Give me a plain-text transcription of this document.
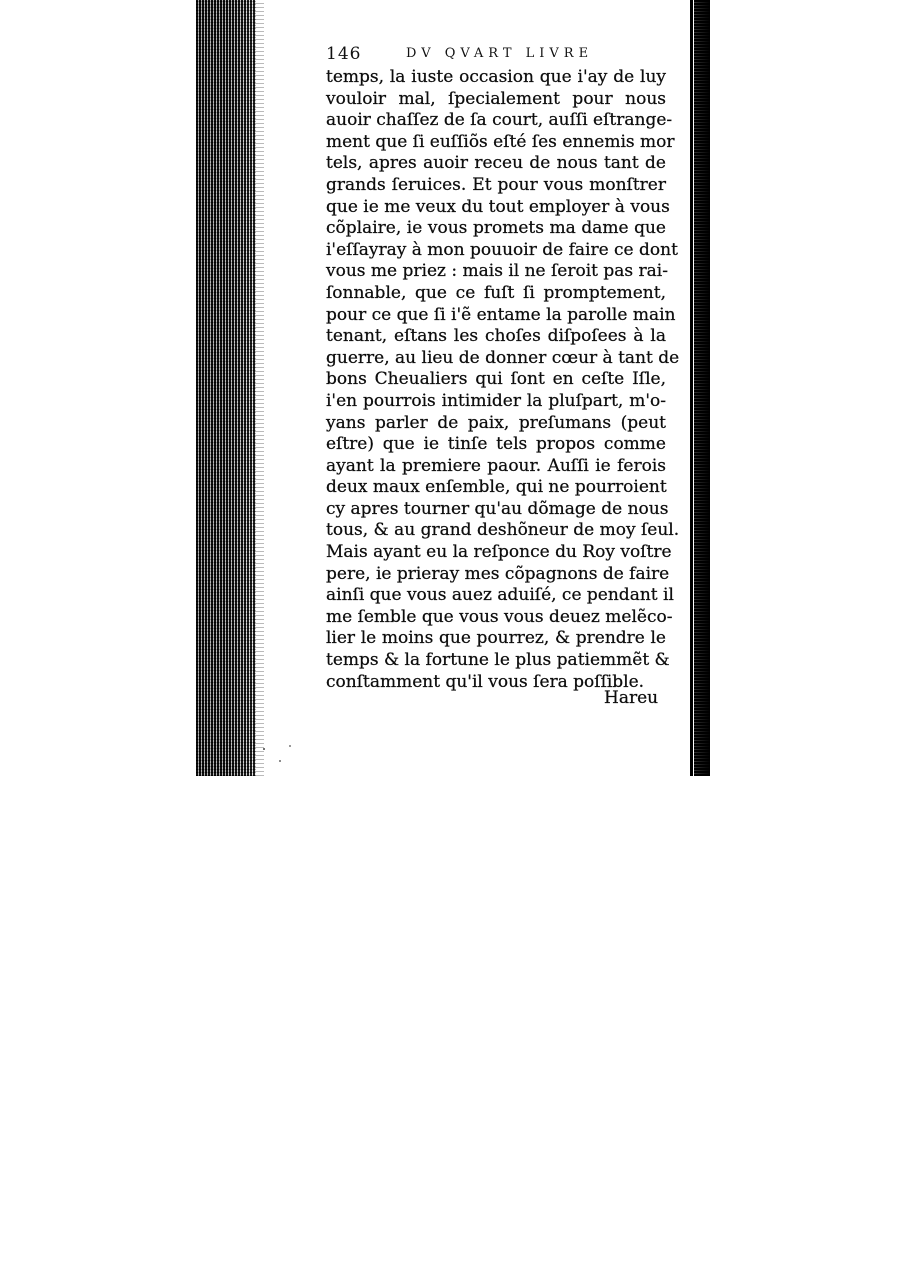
146	DV QVART LIVRE
temps, la iuste occasion que i'ay de luy
vouloir mal, ſpecialement pour nous
auoir chaſſez de ſa court, auſſi eſtrange-
ment que ſi euſſiõs eſté ſes ennemis mor
tels, apres auoir receu de nous tant de
grands ſeruices. Et pour vous monſtrer
que ie me veux du tout employer à vous
cõplaire, ie vous promets ma dame que
i'eſſayray à mon pouuoir de faire ce dont
vous me priez : mais il ne ſeroit pas rai-
ſonnable, que ce fuſt ſi promptement,
pour ce que ſi i'ẽ entame la parolle main
tenant, eſtans les choſes diſpoſees à la
guerre, au lieu de donner cœur à tant de
bons Cheualiers qui ſont en ceſte Iſle,
i'en pourrois intimider la pluſpart, m'o-
yans parler de paix, preſumans (peut
eſtre) que ie tinſe tels propos comme
ayant la premiere paour. Auſſi ie ferois
deux maux enſemble, qui ne pourroient
cy apres tourner qu'au dõmage de nous
tous, & au grand deshõneur de moy ſeul.
Mais ayant eu la reſponce du Roy voſtre
pere, ie prieray mes cõpagnons de faire
ainſi que vous auez aduiſé, ce pendant il
me ſemble que vous vous deuez melẽco-
lier le moins que pourrez, & prendre le
temps & la fortune le plus patiemmẽt &
conſtamment qu'il vous ſera poſſible.
Hareu
